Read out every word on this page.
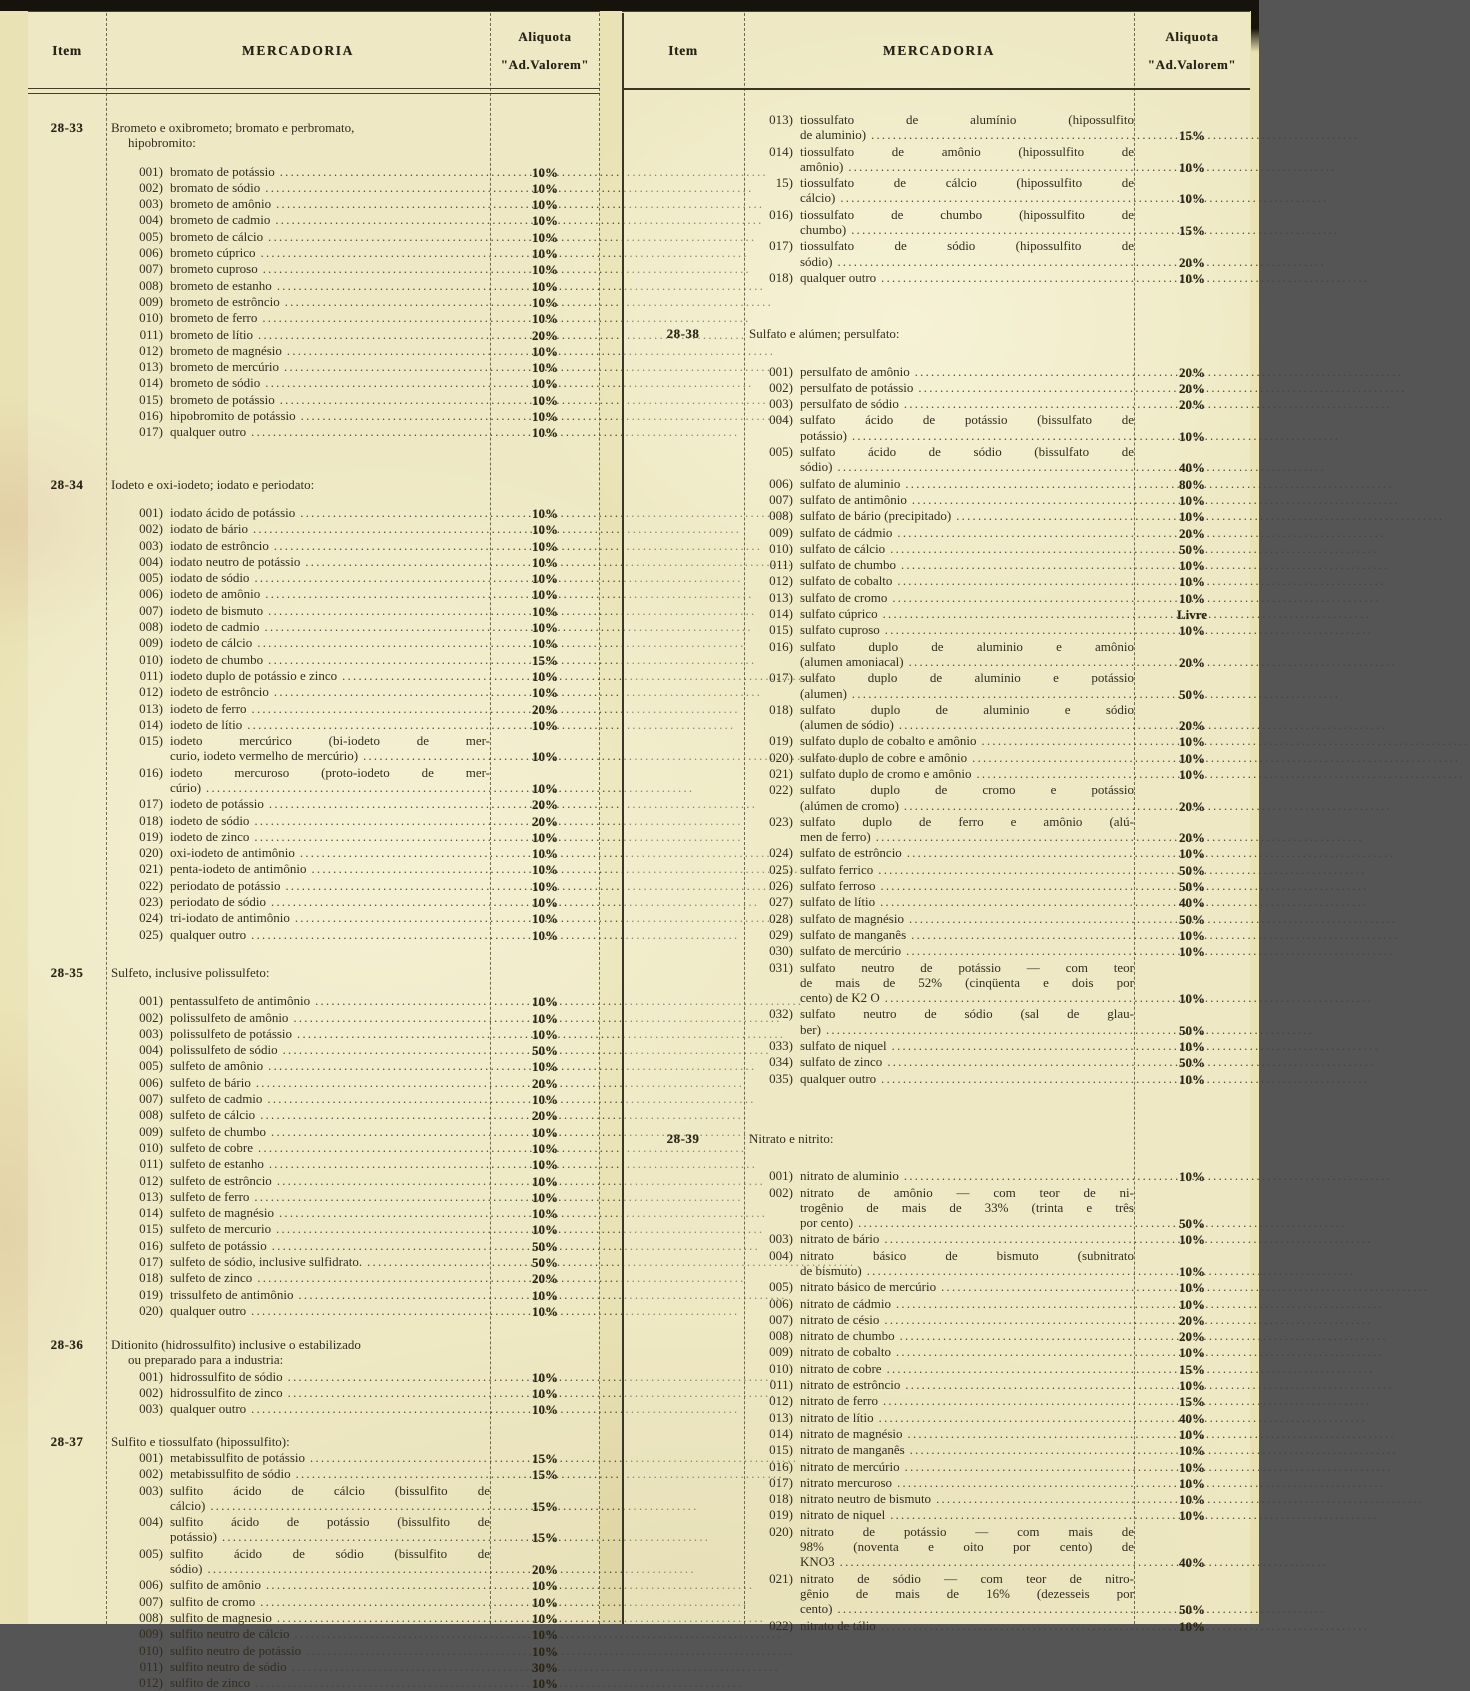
Item	MERCADORIA
Aliquota
"Ad.Valorem"
28-33	Brometo e oxibrometo; bromato e perbromato,
hipobromito:
001) bromato de potássio .....	10%
002) bromato de sódio .....	10%
003) brometo de amônio .....	10%
004) brometo de cadmio .....	10%
005) brometo de cálcio .....	10%
006) brometo cúprico .....	10%
007) brometo cuproso .....	10%
008) brometo de estanho .....	10%
009) brometo de estrôncio .....	10%
010) brometo de ferro .....	10%
011) brometo de lítio .....	20%
012) brometo de magnésio .....	10%
013) brometo de mercúrio .....	10%
014) brometo de sódio .....	10%
015) brometo de potássio .....	10%
016) hipobromito de potássio .....	10%
017) qualquer outro .....	10%
28-34	Iodeto e oxi-iodeto; iodato e periodato:
001) iodato ácido de potássio .....	10%
002) iodato de bário .....	10%
003) iodato de estrôncio .....	10%
004) iodato neutro de potássio .....	10%
005) iodato de sódio .....	10%
006) iodeto de amônio .....	10%
007) iodeto de bismuto .....	10%
008) iodeto de cadmio .....	10%
009) iodeto de cálcio .....	10%
010) iodeto de chumbo .....	15%
011) iodeto duplo de potássio e zinco .....	10%
012) iodeto de estrôncio .....	10%
013) iodeto de ferro .....	20%
014) iodeto de lítio .....	10%
015) iodeto mercúrico (bi-iodeto de mer-
curio, iodeto vermelho de mercúrio) .....	10%
016) iodeto mercuroso (proto-iodeto de mer-
cúrio) .....	10%
017) iodeto de potássio .....	20%
018) iodeto de sódio .....	20%
019) iodeto de zinco .....	10%
020) oxi-iodeto de antimônio .....	10%
021) penta-iodeto de antimônio .....	10%
022) periodato de potássio .....	10%
023) periodato de sódio .....	10%
024) tri-iodato de antimônio .....	10%
025) qualquer outro .....	10%
28-35	Sulfeto, inclusive polissulfeto:
001) pentassulfeto de antimônio .....	10%
002) polissulfeto de amônio .....	10%
003) polissulfeto de potássio .....	10%
004) polissulfeto de sódio .....	50%
005) sulfeto de amônio .....	10%
006) sulfeto de bário .....	20%
007) sulfeto de cadmio .....	10%
008) sulfeto de cálcio .....	20%
009) sulfeto de chumbo .....	10%
010) sulfeto de cobre .....	10%
011) sulfeto de estanho .....	10%
012) sulfeto de estrôncio .....	10%
013) sulfeto de ferro .....	10%
014) sulfeto de magnésio .....	10%
015) sulfeto de mercurio .....	10%
016) sulfeto de potássio .....	50%
017) sulfeto de sódio, inclusive sulfidrato. .....	50%
018) sulfeto de zinco .....	20%
019) trissulfeto de antimônio .....	10%
020) qualquer outro .....	10%
28-36	Ditionito (hidrossulfito) inclusive o estabilizado
ou preparado para a industria:
001) hidrossulfito de sódio .....	10%
002) hidrossulfito de zinco .....	10%
003) qualquer outro .....	10%
28-37	Sulfito e tiossulfato (hipossulfito):
001) metabissulfito de potássio .....	15%
002) metabissulfito de sódio .....	15%
003) sulfito ácido de cálcio (bissulfito de
cálcio) .....	15%
004) sulfito ácido de potássio (bissulfito de
potássio) .....	15%
005) sulfito ácido de sódio (bissulfito de
sódio) .....	20%
006) sulfito de amônio .....	10%
007) sulfito de cromo .....	10%
008) sulfito de magnesio .....	10%
009) sulfito neutro de cálcio .....	10%
010) sulfito neutro de potássio .....	10%
011) sulfito neutro de sódio .....	30%
012) sulfito de zinco .....	10%
Item	MERCADORIA
Aliquota
"Ad.Valorem"
013) tiossulfato de alumínio (hipossulfito
de aluminio) .....	15%
014) tiossulfato de amônio (hipossulfito de
amônio) .....	10%
15) tiossulfato de cálcio (hipossulfito de
cálcio) .....	10%
016) tiossulfato de chumbo (hipossulfito de
chumbo) .....	15%
017) tiossulfato de sódio (hipossulfito de
sódio) .....	20%
018) qualquer outro .....	10%
28-38	Sulfato e alúmen; persulfato:
001) persulfato de amônio .....	20%
002) persulfato de potássio .....	20%
003) persulfato de sódio .....	20%
004) sulfato ácido de potássio (bissulfato de
potássio) .....	10%
005) sulfato ácido de sódio (bissulfato de
sódio) .....	40%
006) sulfato de aluminio .....	80%
007) sulfato de antimônio .....	10%
008) sulfato de bário (precipitado) .....	10%
009) sulfato de cádmio .....	20%
010) sulfato de cálcio .....	50%
011) sulfato de chumbo .....	10%
012) sulfato de cobalto .....	10%
013) sulfato de cromo .....	10%
014) sulfato cúprico .....	Livre
015) sulfato cuproso .....	10%
016) sulfato duplo de aluminio e amônio
(alumen amoniacal) .....	20%
017) sulfato duplo de aluminio e potássio
(alumen) .....	50%
018) sulfato duplo de aluminio e sódio
(alumen de sódio) .....	20%
019) sulfato duplo de cobalto e amônio .....	10%
020) sulfato duplo de cobre e amônio .....	10%
021) sulfato duplo de cromo e amônio .....	10%
022) sulfato duplo de cromo e potássio
(alúmen de cromo) .....	20%
023) sulfato duplo de ferro e amônio (alú-
men de ferro) .....	20%
024) sulfato de estrôncio .....	10%
025) sulfato ferrico .....	50%
026) sulfato ferroso .....	50%
027) sulfato de lítio .....	40%
028) sulfato de magnésio .....	50%
029) sulfato de manganês .....	10%
030) sulfato de mercúrio .....	10%
031) sulfato neutro de potássio — com teor
de mais de 52% (cinqüenta e dois por
cento) de K2 O .....	10%
032) sulfato neutro de sódio (sal de glau-
ber) .....	50%
033) sulfato de niquel .....	10%
034) sulfato de zinco .....	50%
035) qualquer outro .....	10%
28-39	Nitrato e nitrito:
001) nitrato de aluminio .....	10%
002) nitrato de amônio — com teor de ni-
trogênio de mais de 33% (trinta e três
por cento) .....	50%
003) nitrato de bário .....	10%
004) nitrato básico de bismuto (subnitrato
de bismuto) .....	10%
005) nitrato básico de mercúrio .....	10%
006) nitrato de cádmio .....	10%
007) nitrato de césio .....	20%
008) nitrato de chumbo .....	20%
009) nitrato de cobalto .....	10%
010) nitrato de cobre .....	15%
011) nitrato de estrôncio .....	10%
012) nitrato de ferro .....	15%
013) nitrato de lítio .....	40%
014) nitrato de magnésio .....	10%
015) nitrato de manganês .....	10%
016) nitrato de mercúrio .....	10%
017) nitrato mercuroso .....	10%
018) nitrato neutro de bismuto .....	10%
019) nitrato de niquel .....	10%
020) nitrato de potássio — com mais de
98% (noventa e oito por cento) de
KNO3 .....	40%
021) nitrato de sódio — com teor de nitro-
gênio de mais de 16% (dezesseis por
cento) .....	50%
022) nitrato de tálio .....	10%
